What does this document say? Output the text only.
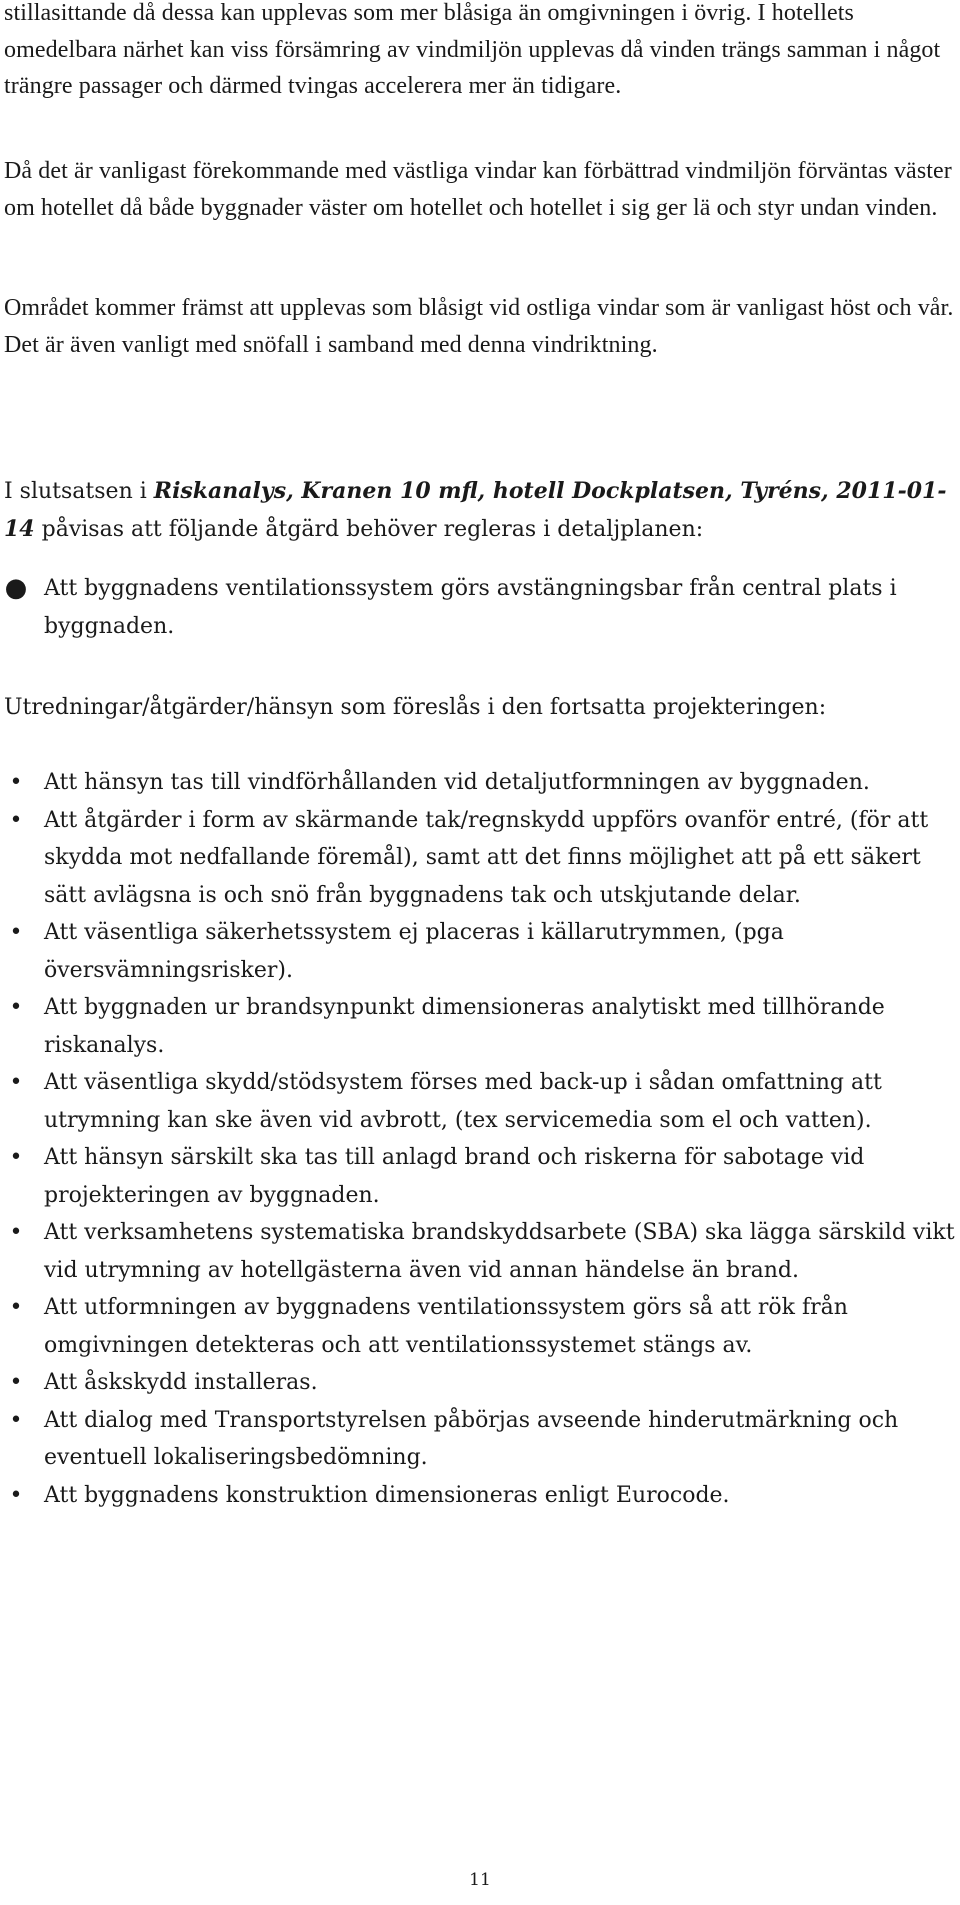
stillasittande då dessa kan upplevas som mer blåsiga än omgivningen i övrig. I hotellets omedelbara närhet kan viss försämring av vindmiljön upplevas då vinden trängs samman i något trängre passager och därmed tvingas accelerera mer än tidigare.

Då det är vanligast förekommande med västliga vindar kan förbättrad vindmiljön förväntas väster om hotellet då både byggnader väster om hotellet och hotellet i sig ger lä och styr undan vinden.

Området kommer främst att upplevas som blåsigt vid ostliga vindar som är vanligast höst och vår. Det är även vanligt med snöfall i samband med denna vindriktning.

I slutsatsen i Riskanalys, Kranen 10 mfl, hotell Dockplatsen, Tyréns, 2011-01-14 påvisas att följande åtgärd behöver regleras i detaljplanen:

● Att byggnadens ventilationssystem görs avstängningsbar från central plats i byggnaden.

Utredningar/åtgärder/hänsyn som föreslås i den fortsatta projekteringen:

• Att hänsyn tas till vindförhållanden vid detaljutformningen av byggnaden.
• Att åtgärder i form av skärmande tak/regnskydd uppförs ovanför entré, (för att skydda mot nedfallande föremål), samt att det finns möjlighet att på ett säkert sätt avlägsna is och snö från byggnadens tak och utskjutande delar.
• Att väsentliga säkerhetssystem ej placeras i källarutrymmen, (pga översvämningsrisker).
• Att byggnaden ur brandsynpunkt dimensioneras analytiskt med tillhörande riskanalys.
• Att väsentliga skydd/stödsystem förses med back-up i sådan omfattning att utrymning kan ske även vid avbrott, (tex servicemedia som el och vatten).
• Att hänsyn särskilt ska tas till anlagd brand och riskerna för sabotage vid projekteringen av byggnaden.
• Att verksamhetens systematiska brandskyddsarbete (SBA) ska lägga särskild vikt vid utrymning av hotellgästerna även vid annan händelse än brand.
• Att utformningen av byggnadens ventilationssystem görs så att rök från omgivningen detekteras och att ventilationssystemet stängs av.
• Att åskskydd installeras.
• Att dialog med Transportstyrelsen påbörjas avseende hinderutmärkning och eventuell lokaliseringsbedömning.
• Att byggnadens konstruktion dimensioneras enligt Eurocode.
11
